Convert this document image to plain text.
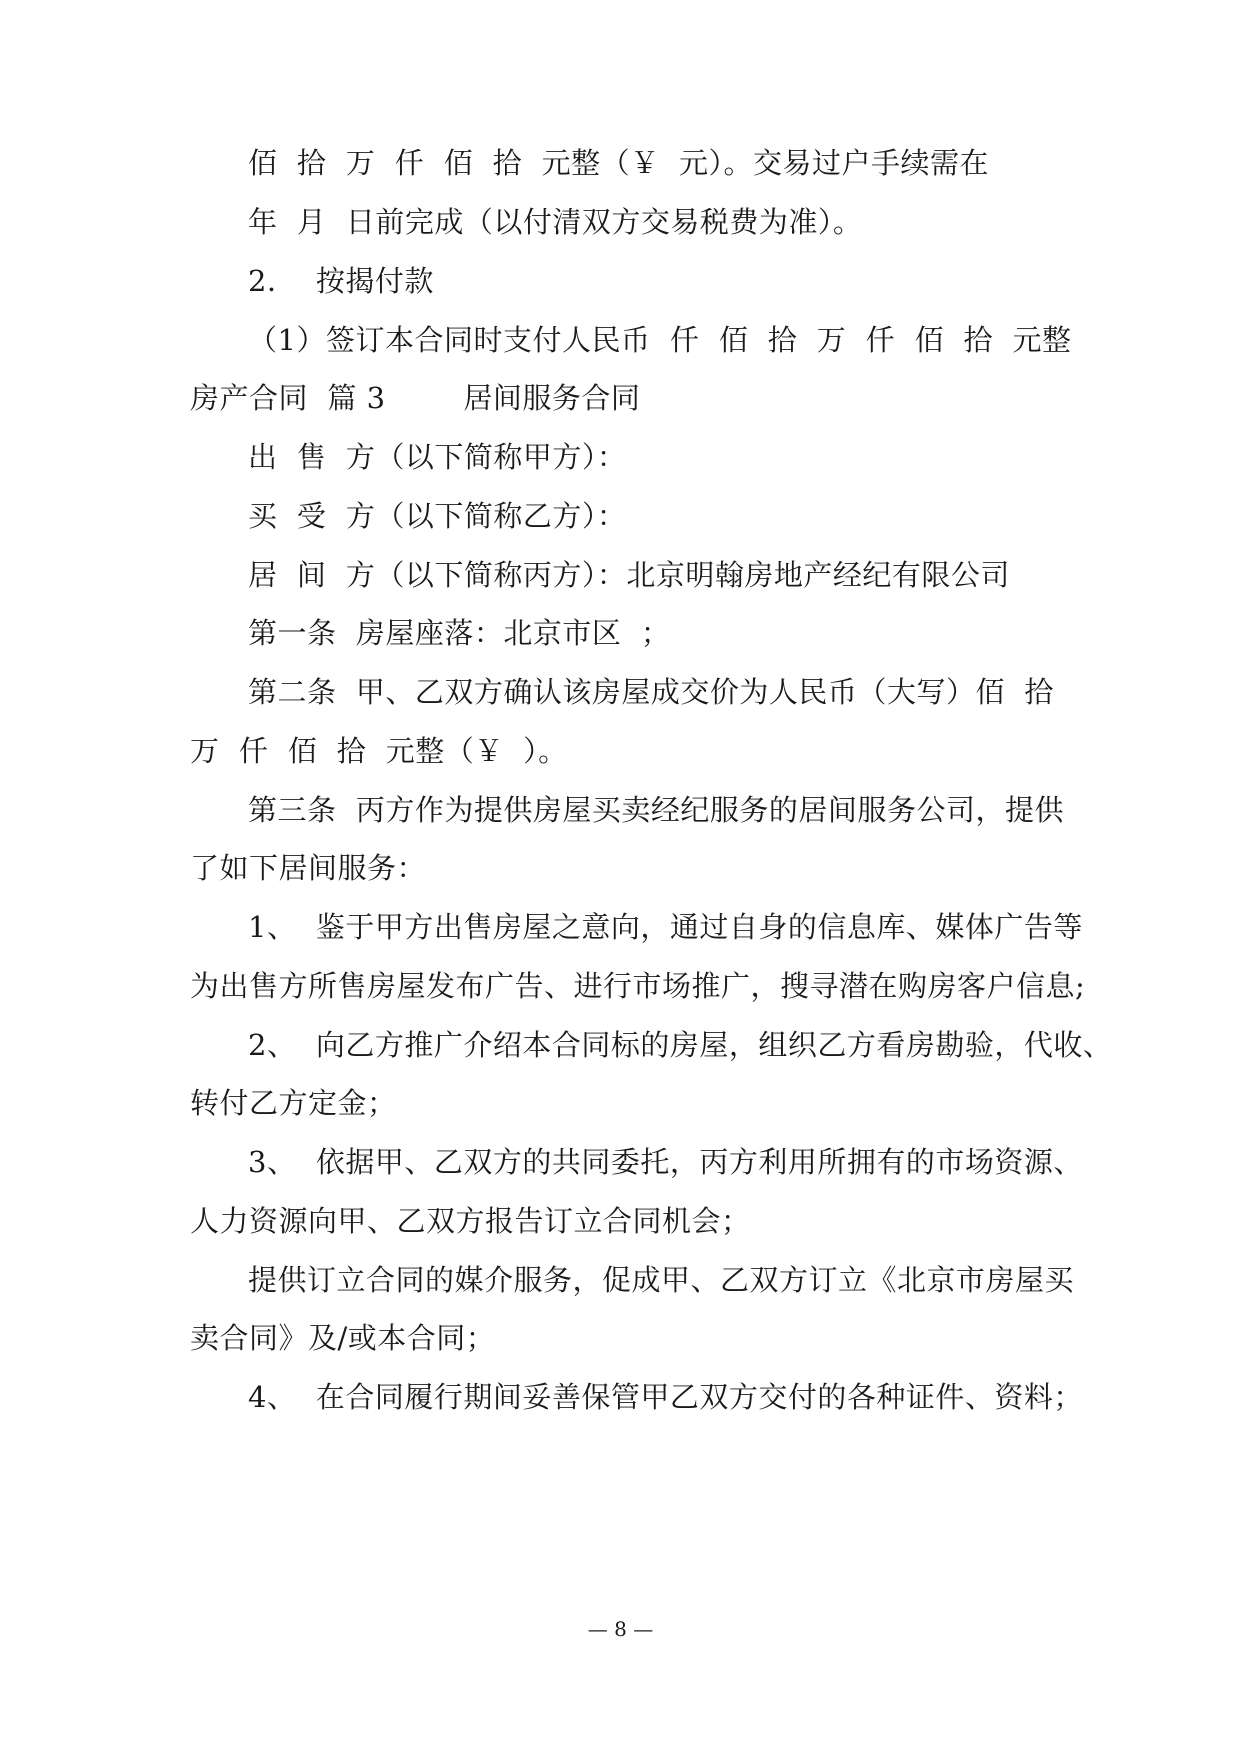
佰  拾  万  仟  佰  拾  元整（￥  元）。交易过户手续需在
年  月  日前完成（以付清双方交易税费为准）。
2．  按揭付款
（1）签订本合同时支付人民币  仟  佰  拾  万  仟  佰  拾  元整
房产合同  篇 3        居间服务合同
出  售  方（以下简称甲方）：
买  受  方（以下简称乙方）：
居  间  方（以下简称丙方）：北京明翰房地产经纪有限公司
第一条  房屋座落：北京市区  ；
第二条  甲、乙双方确认该房屋成交价为人民币（大写）佰  拾
万  仟  佰  拾  元整（￥  ）。
第三条  丙方作为提供房屋买卖经纪服务的居间服务公司，提供
了如下居间服务：
1、  鉴于甲方出售房屋之意向，通过自身的信息库、媒体广告等
为出售方所售房屋发布广告、进行市场推广，搜寻潜在购房客户信息;
2、  向乙方推广介绍本合同标的房屋，组织乙方看房勘验，代收、
转付乙方定金；
3、  依据甲、乙双方的共同委托，丙方利用所拥有的市场资源、
人力资源向甲、乙双方报告订立合同机会；
提供订立合同的媒介服务，促成甲、乙双方订立《北京市房屋买
卖合同》及/或本合同；
4、  在合同履行期间妥善保管甲乙双方交付的各种证件、资料；
— 8 —
